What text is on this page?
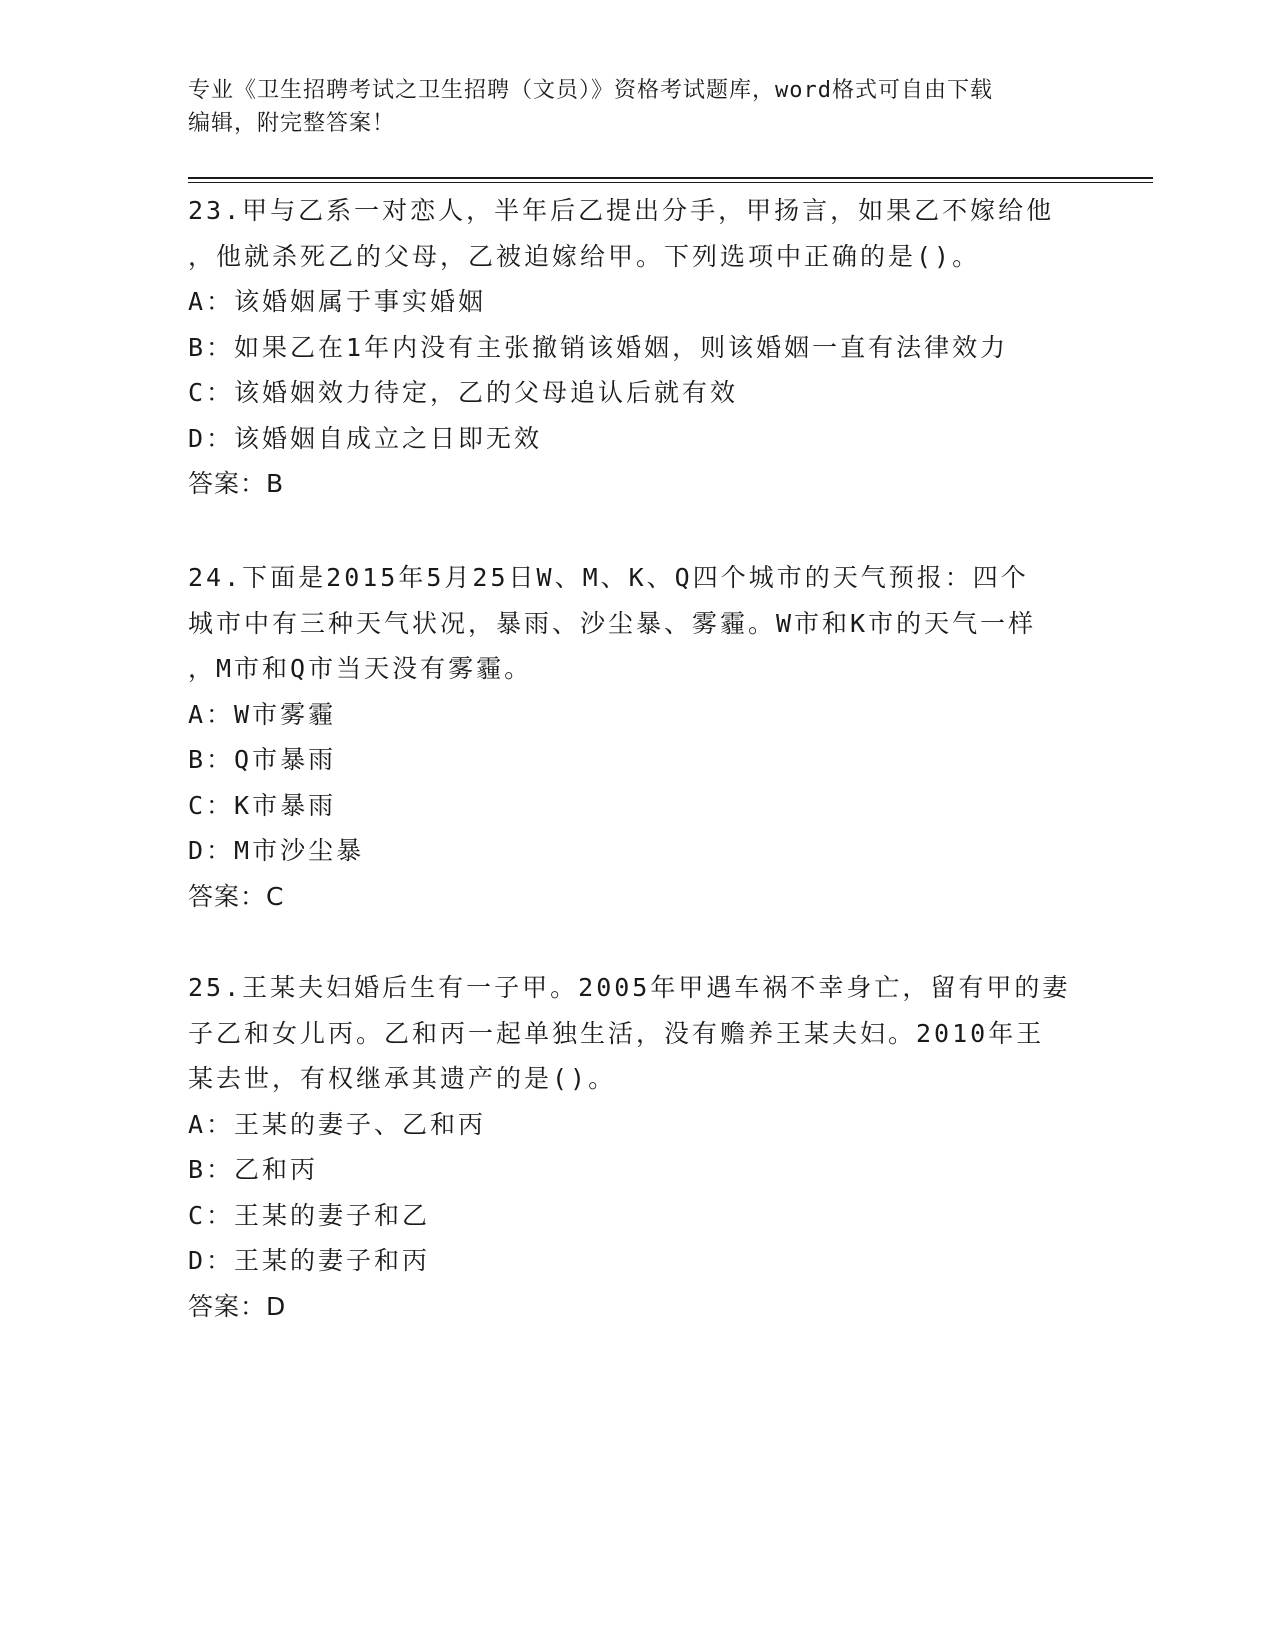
专业《卫生招聘考试之卫生招聘（文员）》资格考试题库，word格式可自由下载
编辑，附完整答案！
23.甲与乙系一对恋人，半年后乙提出分手，甲扬言，如果乙不嫁给他
，他就杀死乙的父母，乙被迫嫁给甲。下列选项中正确的是()。
A：该婚姻属于事实婚姻
B：如果乙在1年内没有主张撤销该婚姻，则该婚姻一直有法律效力
C：该婚姻效力待定，乙的父母追认后就有效
D：该婚姻自成立之日即无效
答案：B
24.下面是2015年5月25日W、M、K、Q四个城市的天气预报：四个
城市中有三种天气状况，暴雨、沙尘暴、雾霾。W市和K市的天气一样
，M市和Q市当天没有雾霾。
A：W市雾霾
B：Q市暴雨
C：K市暴雨
D：M市沙尘暴
答案：C
25.王某夫妇婚后生有一子甲。2005年甲遇车祸不幸身亡，留有甲的妻
子乙和女儿丙。乙和丙一起单独生活，没有赡养王某夫妇。2010年王
某去世，有权继承其遗产的是()。
A：王某的妻子、乙和丙
B：乙和丙
C：王某的妻子和乙
D：王某的妻子和丙
答案：D
